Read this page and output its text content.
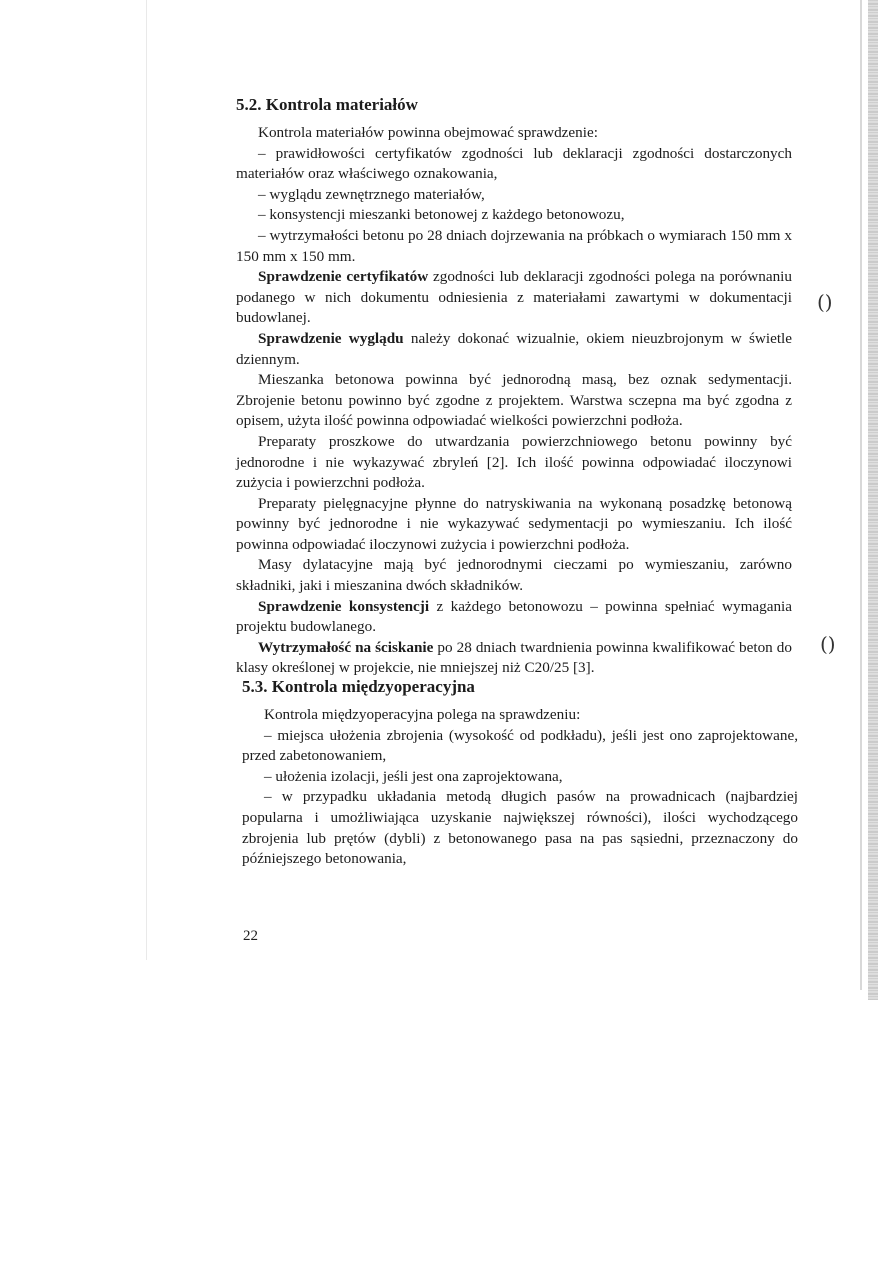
()
()
5.2. Kontrola materiałów

Kontrola materiałów powinna obejmować sprawdzenie:

– prawidłowości certyfikatów zgodności lub deklaracji zgodności dostarczonych materiałów oraz właściwego oznakowania,

– wyglądu zewnętrznego materiałów,

– konsystencji mieszanki betonowej z każdego betonowozu,

– wytrzymałości betonu po 28 dniach dojrzewania na próbkach o wymiarach 150 mm x 150 mm x 150 mm.

Sprawdzenie certyfikatów zgodności lub deklaracji zgodności polega na porównaniu podanego w nich dokumentu odniesienia z materiałami zawartymi w dokumentacji budowlanej.

Sprawdzenie wyglądu należy dokonać wizualnie, okiem nieuzbrojonym w świetle dziennym.

Mieszanka betonowa powinna być jednorodną masą, bez oznak sedymentacji. Zbrojenie betonu powinno być zgodne z projektem. Warstwa sczepna ma być zgodna z opisem, użyta ilość powinna odpowiadać wielkości powierzchni podłoża.

Preparaty proszkowe do utwardzania powierzchniowego betonu powinny być jednorodne i nie wykazywać zbryleń [2]. Ich ilość powinna odpowiadać iloczynowi zużycia i powierzchni podłoża.

Preparaty pielęgnacyjne płynne do natryskiwania na wykonaną posadzkę betonową powinny być jednorodne i nie wykazywać sedymentacji po wymieszaniu. Ich ilość powinna odpowiadać iloczynowi zużycia i powierzchni podłoża.

Masy dylatacyjne mają być jednorodnymi cieczami po wymieszaniu, zarówno składniki, jaki i mieszanina dwóch składników.

Sprawdzenie konsystencji z każdego betonowozu – powinna spełniać wymagania projektu budowlanego.

Wytrzymałość na ściskanie po 28 dniach twardnienia powinna kwalifikować beton do klasy określonej w projekcie, nie mniejszej niż C20/25 [3].

5.3. Kontrola międzyoperacyjna

Kontrola międzyoperacyjna polega na sprawdzeniu:

– miejsca ułożenia zbrojenia (wysokość od podkładu), jeśli jest ono zaprojektowane, przed zabetonowaniem,

– ułożenia izolacji, jeśli jest ona zaprojektowana,

– w przypadku układania metodą długich pasów na prowadnicach (najbardziej popularna i umożliwiająca uzyskanie największej równości), ilości wychodzącego zbrojenia lub prętów (dybli) z betonowanego pasa na pas sąsiedni, przeznaczony do późniejszego betonowania,

22
